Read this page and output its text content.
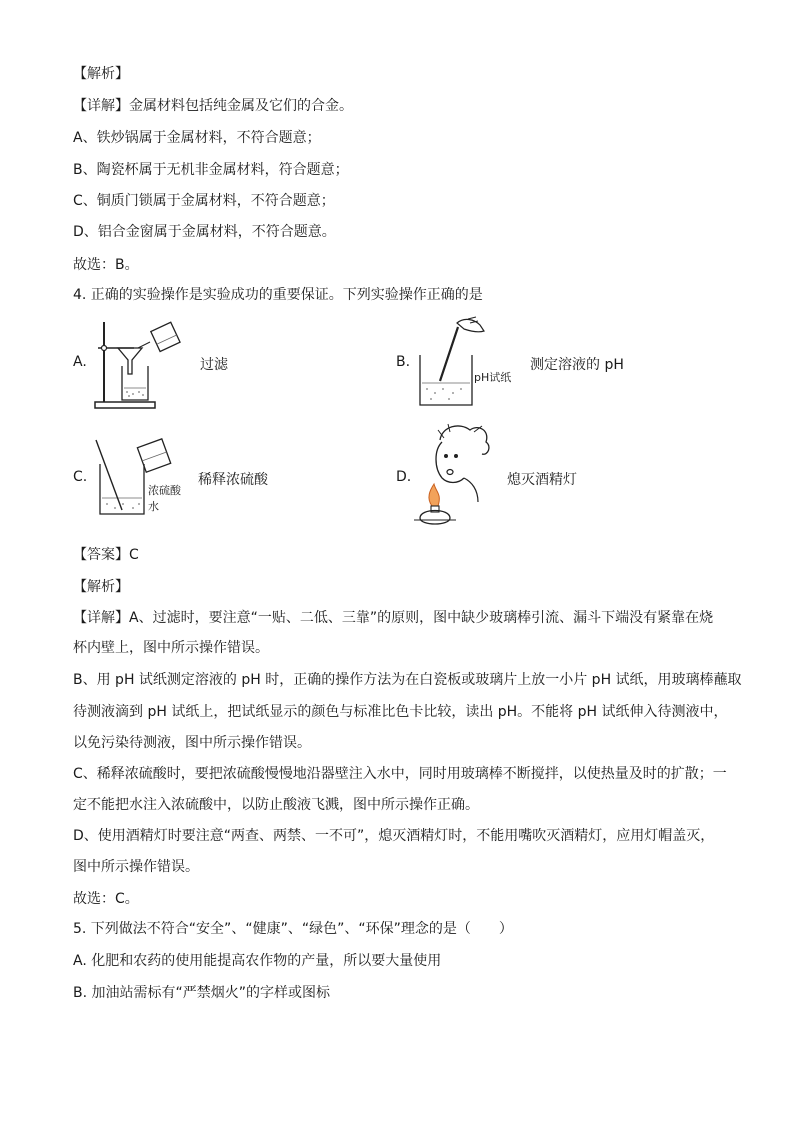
【解析】
【详解】金属材料包括纯金属及它们的合金。
A、铁炒锅属于金属材料，不符合题意；
B、陶瓷杯属于无机非金属材料，符合题意；
C、铜质门锁属于金属材料，不符合题意；
D、铝合金窗属于金属材料，不符合题意。
故选：B。
4. 正确的实验操作是实验成功的重要保证。下列实验操作正确的是
A.	过滤	B.
pH试纸
测定溶液的 pH
C.
浓硫酸
水
稀释浓硫酸	D.	熄灭酒精灯
【答案】C
【解析】
【详解】A、过滤时，要注意“一贴、二低、三靠”的原则，图中缺少玻璃棒引流、漏斗下端没有紧靠在烧
杯内壁上，图中所示操作错误。
B、用 pH 试纸测定溶液的 pH 时，正确的操作方法为在白瓷板或玻璃片上放一小片 pH 试纸，用玻璃棒蘸取
待测液滴到 pH 试纸上，把试纸显示的颜色与标准比色卡比较，读出 pH。不能将 pH 试纸伸入待测液中，
以免污染待测液，图中所示操作错误。
C、稀释浓硫酸时，要把浓硫酸慢慢地沿器壁注入水中，同时用玻璃棒不断搅拌，以使热量及时的扩散；一
定不能把水注入浓硫酸中，以防止酸液飞溅，图中所示操作正确。
D、使用酒精灯时要注意“两查、两禁、一不可”，熄灭酒精灯时，不能用嘴吹灭酒精灯，应用灯帽盖灭，
图中所示操作错误。
故选：C。
5. 下列做法不符合“安全”、“健康”、“绿色”、“环保”理念的是（　　）
A. 化肥和农药的使用能提高农作物的产量，所以要大量使用
B. 加油站需标有“严禁烟火”的字样或图标
